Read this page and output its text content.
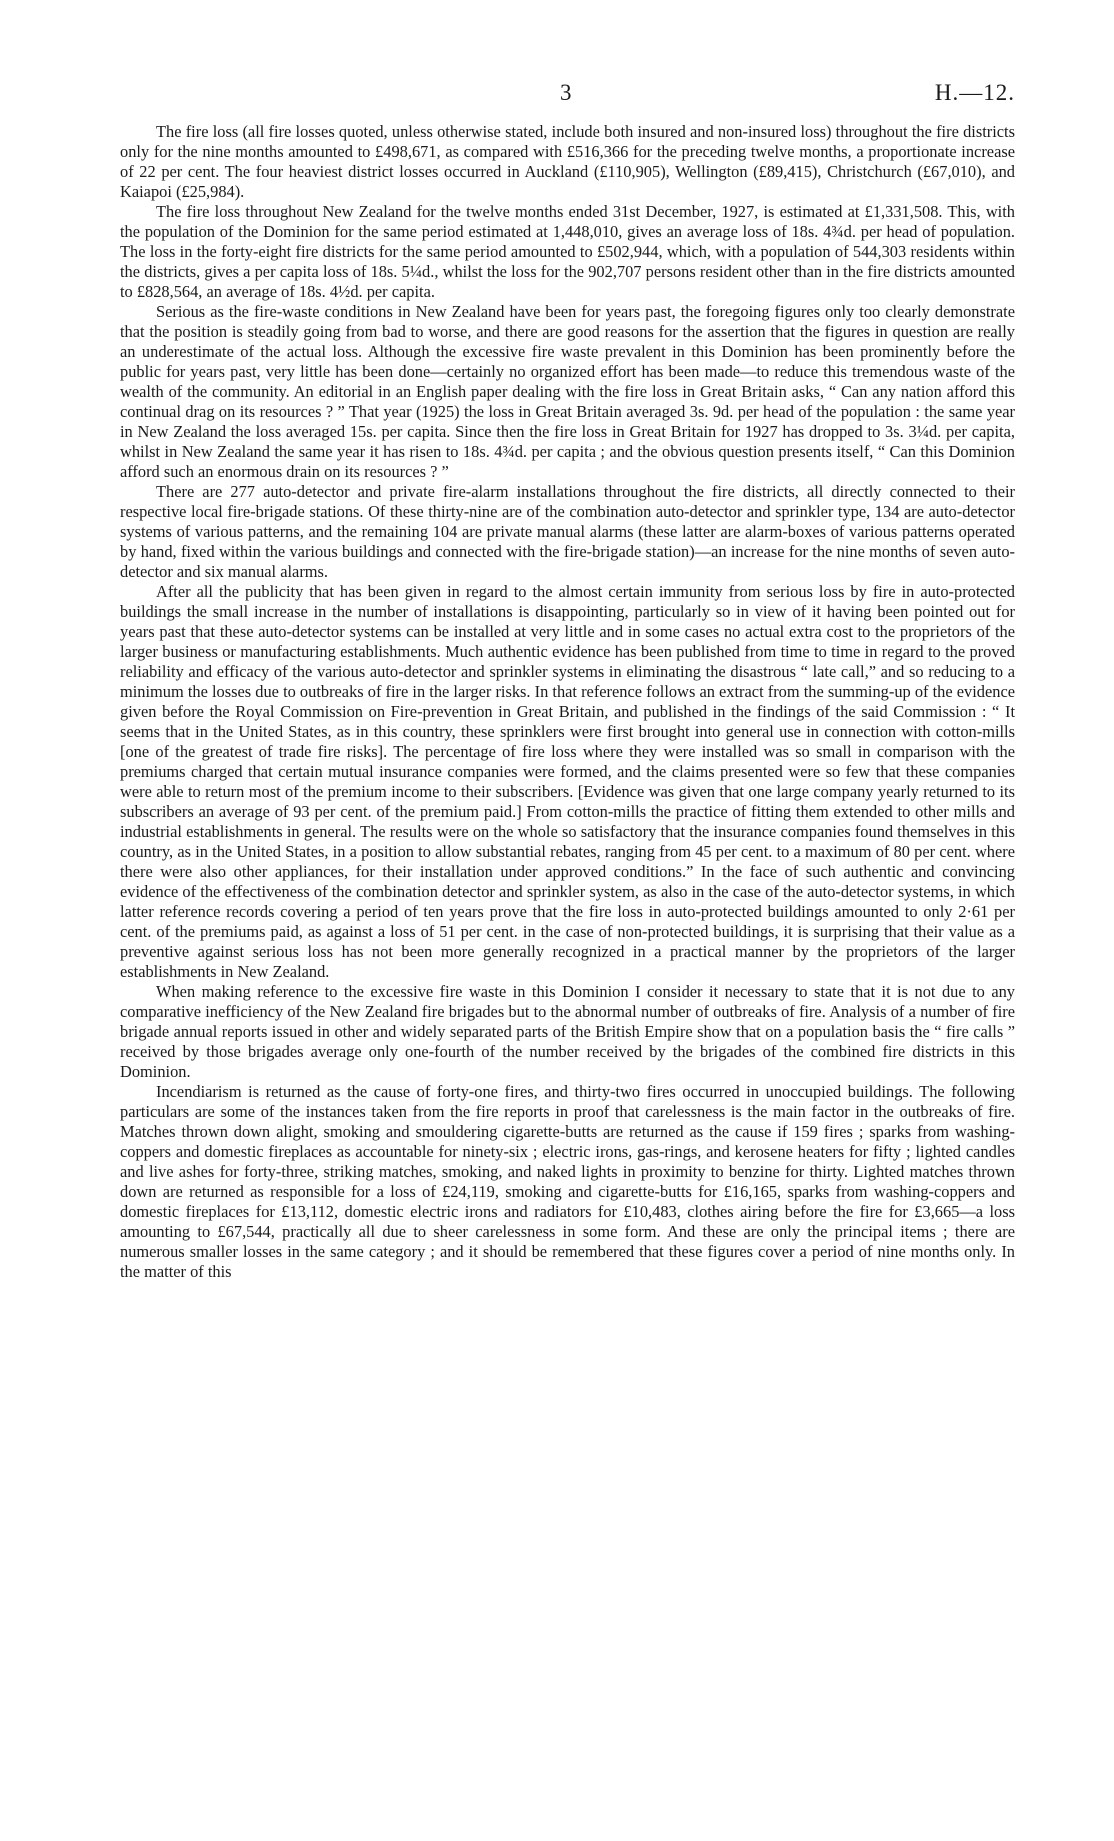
3	H.—12.

The fire loss (all fire losses quoted, unless otherwise stated, include both insured and non-insured loss) throughout the fire districts only for the nine months amounted to £498,671, as compared with £516,366 for the preceding twelve months, a proportionate increase of 22 per cent. The four heaviest district losses occurred in Auckland (£110,905), Wellington (£89,415), Christchurch (£67,010), and Kaiapoi (£25,984).

The fire loss throughout New Zealand for the twelve months ended 31st December, 1927, is estimated at £1,331,508. This, with the population of the Dominion for the same period estimated at 1,448,010, gives an average loss of 18s. 4¾d. per head of population. The loss in the forty-eight fire districts for the same period amounted to £502,944, which, with a population of 544,303 residents within the districts, gives a per capita loss of 18s. 5¼d., whilst the loss for the 902,707 persons resident other than in the fire districts amounted to £828,564, an average of 18s. 4½d. per capita.

Serious as the fire-waste conditions in New Zealand have been for years past, the foregoing figures only too clearly demonstrate that the position is steadily going from bad to worse, and there are good reasons for the assertion that the figures in question are really an underestimate of the actual loss. Although the excessive fire waste prevalent in this Dominion has been prominently before the public for years past, very little has been done—certainly no organized effort has been made—to reduce this tremendous waste of the wealth of the community. An editorial in an English paper dealing with the fire loss in Great Britain asks, “ Can any nation afford this continual drag on its resources ? ” That year (1925) the loss in Great Britain averaged 3s. 9d. per head of the population : the same year in New Zealand the loss averaged 15s. per capita. Since then the fire loss in Great Britain for 1927 has dropped to 3s. 3¼d. per capita, whilst in New Zealand the same year it has risen to 18s. 4¾d. per capita ; and the obvious question presents itself, “ Can this Dominion afford such an enormous drain on its resources ? ”

There are 277 auto-detector and private fire-alarm installations throughout the fire districts, all directly connected to their respective local fire-brigade stations. Of these thirty-nine are of the combination auto-detector and sprinkler type, 134 are auto-detector systems of various patterns, and the remaining 104 are private manual alarms (these latter are alarm-boxes of various patterns operated by hand, fixed within the various buildings and connected with the fire-brigade station)—an increase for the nine months of seven auto-detector and six manual alarms.

After all the publicity that has been given in regard to the almost certain immunity from serious loss by fire in auto-protected buildings the small increase in the number of installations is disappointing, particularly so in view of it having been pointed out for years past that these auto-detector systems can be installed at very little and in some cases no actual extra cost to the proprietors of the larger business or manufacturing establishments. Much authentic evidence has been published from time to time in regard to the proved reliability and efficacy of the various auto-detector and sprinkler systems in eliminating the disastrous “ late call,” and so reducing to a minimum the losses due to outbreaks of fire in the larger risks. In that reference follows an extract from the summing-up of the evidence given before the Royal Commission on Fire-prevention in Great Britain, and published in the findings of the said Commission : “ It seems that in the United States, as in this country, these sprinklers were first brought into general use in connection with cotton-mills [one of the greatest of trade fire risks]. The percentage of fire loss where they were installed was so small in comparison with the premiums charged that certain mutual insurance companies were formed, and the claims presented were so few that these companies were able to return most of the premium income to their subscribers. [Evidence was given that one large company yearly returned to its subscribers an average of 93 per cent. of the premium paid.] From cotton-mills the practice of fitting them extended to other mills and industrial establishments in general. The results were on the whole so satisfactory that the insurance companies found themselves in this country, as in the United States, in a position to allow substantial rebates, ranging from 45 per cent. to a maximum of 80 per cent. where there were also other appliances, for their installation under approved conditions.” In the face of such authentic and convincing evidence of the effectiveness of the combination detector and sprinkler system, as also in the case of the auto-detector systems, in which latter reference records covering a period of ten years prove that the fire loss in auto-protected buildings amounted to only 2·61 per cent. of the premiums paid, as against a loss of 51 per cent. in the case of non-protected buildings, it is surprising that their value as a preventive against serious loss has not been more generally recognized in a practical manner by the proprietors of the larger establishments in New Zealand.

When making reference to the excessive fire waste in this Dominion I consider it necessary to state that it is not due to any comparative inefficiency of the New Zealand fire brigades but to the abnormal number of outbreaks of fire. Analysis of a number of fire brigade annual reports issued in other and widely separated parts of the British Empire show that on a population basis the “ fire calls ” received by those brigades average only one-fourth of the number received by the brigades of the combined fire districts in this Dominion.

Incendiarism is returned as the cause of forty-one fires, and thirty-two fires occurred in unoccupied buildings. The following particulars are some of the instances taken from the fire reports in proof that carelessness is the main factor in the outbreaks of fire. Matches thrown down alight, smoking and smouldering cigarette-butts are returned as the cause if 159 fires ; sparks from washing-coppers and domestic fireplaces as accountable for ninety-six ; electric irons, gas-rings, and kerosene heaters for fifty ; lighted candles and live ashes for forty-three, striking matches, smoking, and naked lights in proximity to benzine for thirty. Lighted matches thrown down are returned as responsible for a loss of £24,119, smoking and cigarette-butts for £16,165, sparks from washing-coppers and domestic fireplaces for £13,112, domestic electric irons and radiators for £10,483, clothes airing before the fire for £3,665—a loss amounting to £67,544, practically all due to sheer carelessness in some form. And these are only the principal items ; there are numerous smaller losses in the same category ; and it should be remembered that these figures cover a period of nine months only. In the matter of this
